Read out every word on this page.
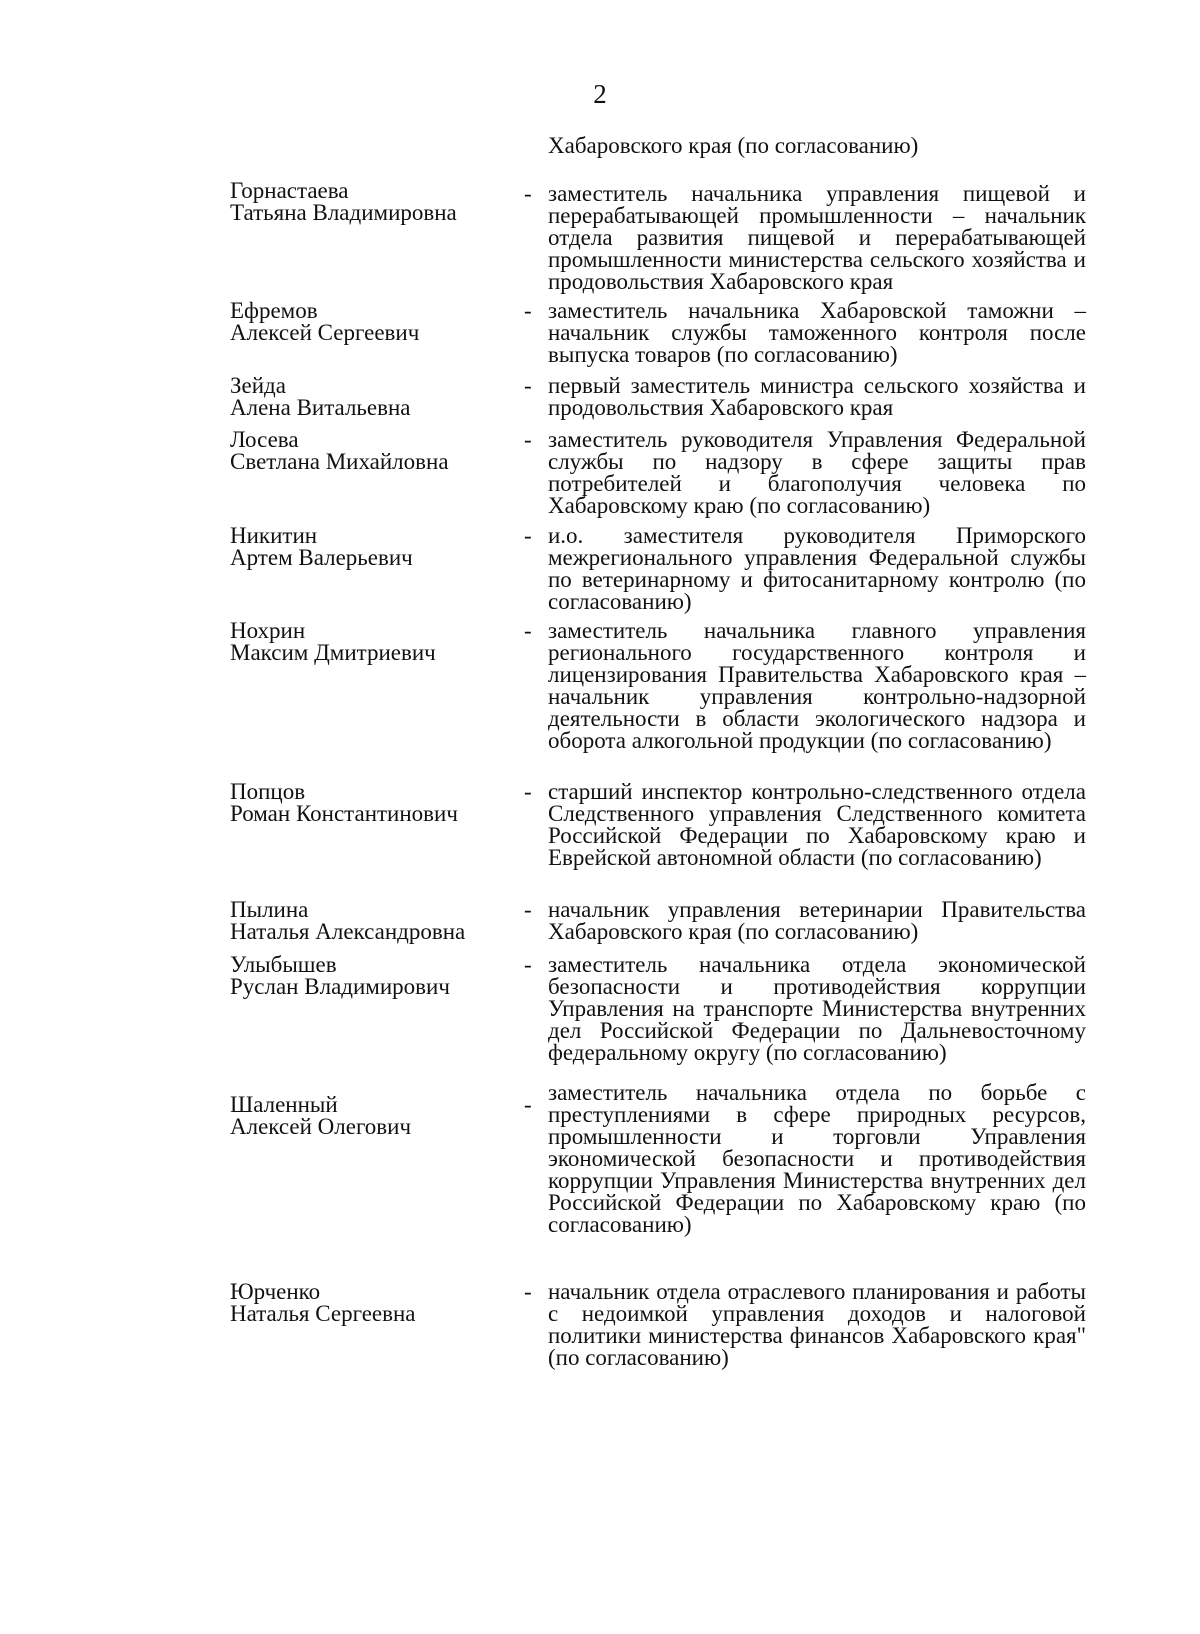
2
Хабаровского края (по согласованию)
Горнастаева
Татьяна Владимировна
- заместитель начальника управления пищевой и перерабатывающей промышленности – начальник отдела развития пищевой и перерабатывающей промышленности министерства сельского хозяйства и продовольствия Хабаровского края
Ефремов
Алексей Сергеевич
- заместитель начальника Хабаровской таможни – начальник службы таможенного контроля после выпуска товаров (по согласованию)
Зейда
Алена Витальевна
- первый заместитель министра сельского хозяйства и продовольствия Хабаровского края
Лосева
Светлана Михайловна
- заместитель руководителя Управления Федеральной службы по надзору в сфере защиты прав потребителей и благополучия человека по Хабаровскому краю (по согласованию)
Никитин
Артем Валерьевич
- и.о. заместителя руководителя Приморского межрегионального управления Федеральной службы по ветеринарному и фитосанитарному контролю (по согласованию)
Нохрин
Максим Дмитриевич
- заместитель начальника главного управления регионального государственного контроля и лицензирования Правительства Хабаровского края – начальник управления контрольно-надзорной деятельности в области экологического надзора и оборота алкогольной продукции (по согласованию)
Попцов
Роман Константинович
- старший инспектор контрольно-следственного отдела Следственного управления Следственного комитета Российской Федерации по Хабаровскому краю и Еврейской автономной области (по согласованию)
Пылина
Наталья Александровна
- начальник управления ветеринарии Правительства Хабаровского края (по согласованию)
Улыбышев
Руслан Владимирович
- заместитель начальника отдела экономической безопасности и противодействия коррупции Управления на транспорте Министерства внутренних дел Российской Федерации по Дальневосточному федеральному округу (по согласованию)
Шаленный
Алексей Олегович
- заместитель начальника отдела по борьбе с преступлениями в сфере природных ресурсов, промышленности и торговли Управления экономической безопасности и противодействия коррупции Управления Министерства внутренних дел Российской Федерации по Хабаровскому краю (по согласованию)
Юрченко
Наталья Сергеевна
- начальник отдела отраслевого планирования и работы с недоимкой управления доходов и налоговой политики министерства финансов Хабаровского края" (по согласованию)
